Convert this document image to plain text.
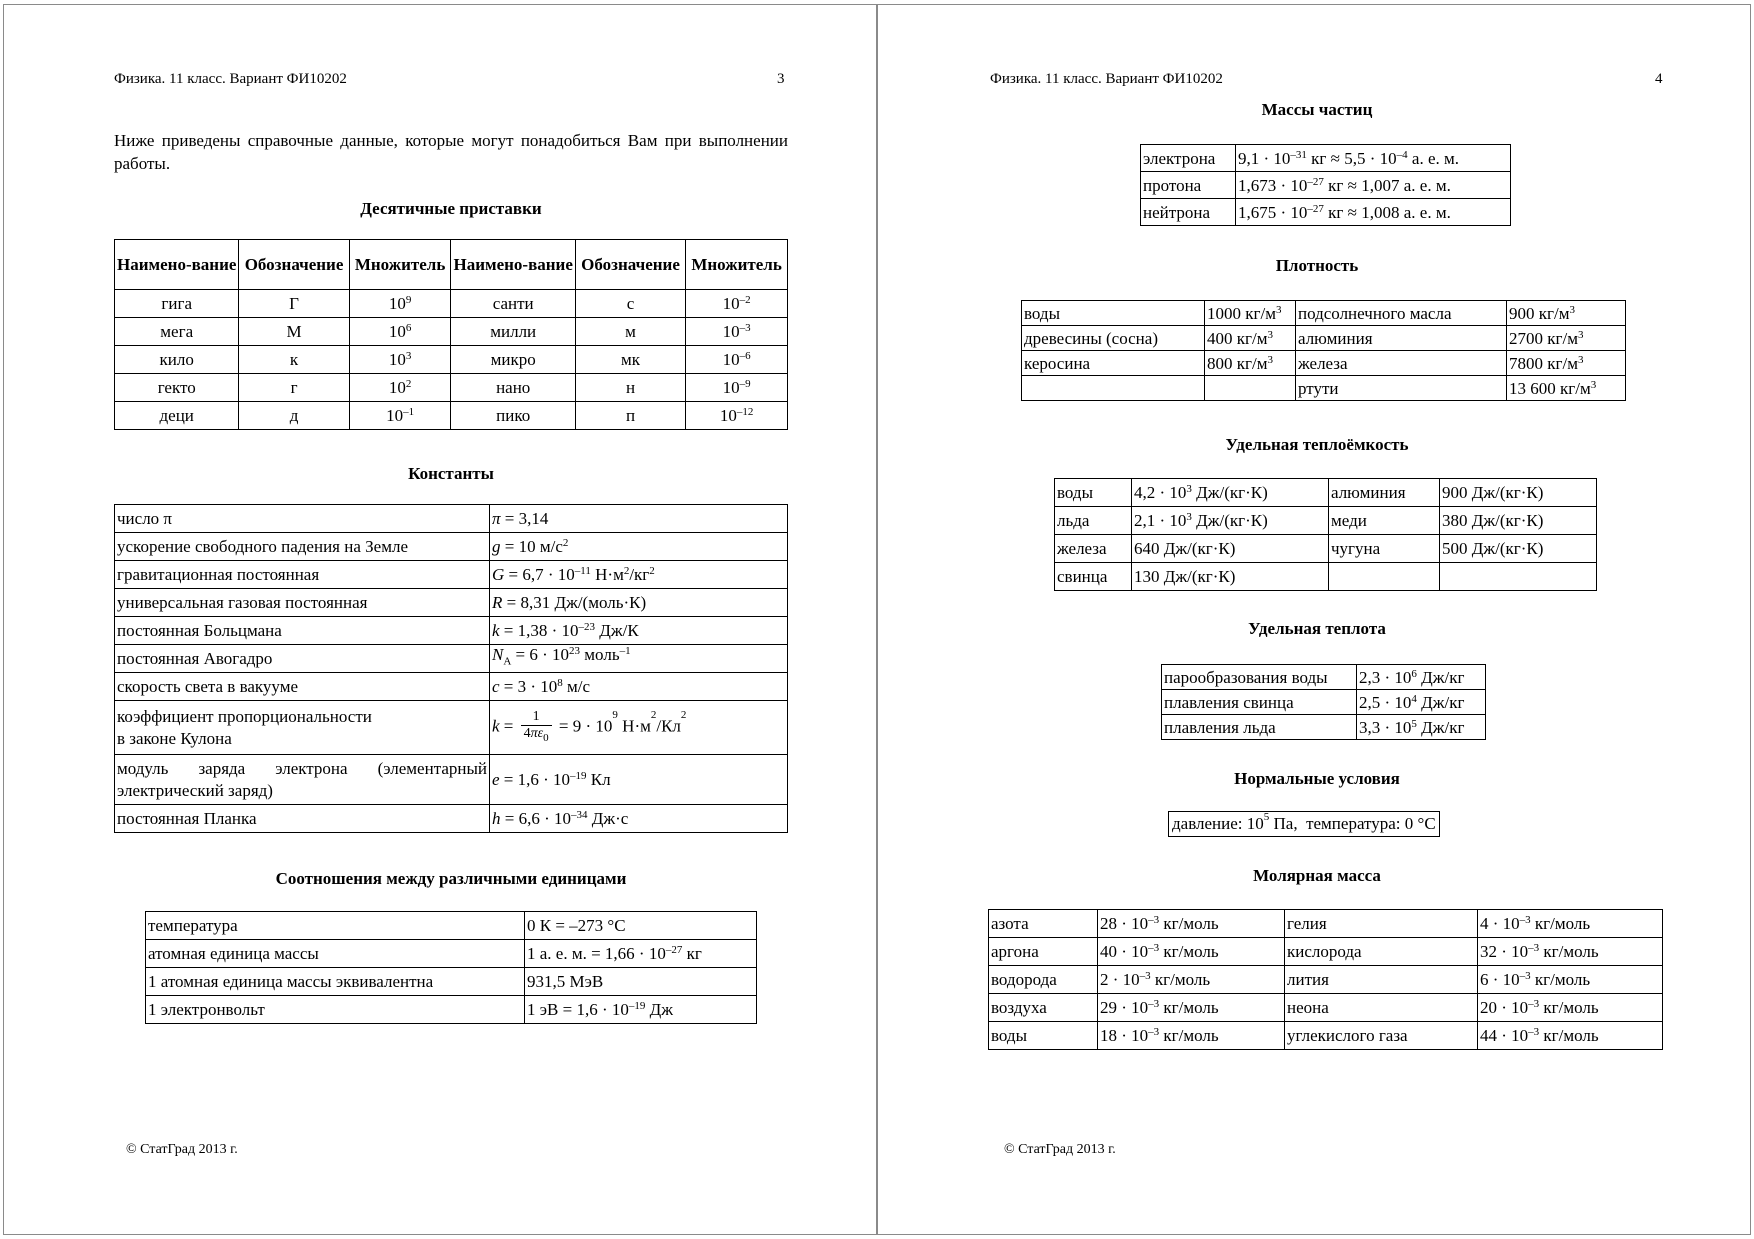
Физика. 11 класс. Вариант ФИ10202	3
Ниже приведены справочные данные, которые могут понадобиться Вам при выполнении работы.
Десятичные приставки
Наимено-вание	Обозначение	Множитель	Наимено-вание	Обозначение	Множитель
гига	Г	$10^9$	санти	с	$10^{-2}$
мега	М	$10^6$	милли	м	$10^{-3}$
кило	к	$10^3$	микро	мк	$10^{-6}$
гекто	г	$10^2$	нано	н	$10^{-9}$
деци	д	$10^{-1}$	пико	п	$10^{-12}$
Константы
число π	π = 3,14
ускорение свободного падения на Земле	g = 10 $м/с^2$
гравитационная постоянная	$G = 6,7 \cdot 10^{-11}$ $Н\cdot м^2/кг^2$
универсальная газовая постоянная	R = 8,31 Дж/(моль·К)
постоянная Больцмана	$k = 1,38 \cdot 10^{-23}$ Дж/К
постоянная Авогадро	$N_A = 6 \cdot 10^{23}$ моль$^{-1}$
скорость света в вакууме	$c = 3 \cdot 10^8$ м/с
коэффициент пропорциональности
в законе Кулона	$k = \frac{1}{4\pi\varepsilon_0} = 9 \cdot 10^9$ $Н\cdot м^2/Кл^2$
модуль заряда электрона (элементарный электрический заряд)	$e = 1,6 \cdot 10^{-19}$ Кл
постоянная Планка	$h = 6,6 \cdot 10^{-34}$ Дж·с
Соотношения между различными единицами
температура	0 К = –273 °С
атомная единица массы	1 а. е. м. = $1,66 \cdot 10^{-27}$ кг
1 атомная единица массы эквивалентна	931,5 МэВ
1 электронвольт	1 эВ = $1,6 \cdot 10^{-19}$ Дж
© СтатГрад 2013 г.
Физика. 11 класс. Вариант ФИ10202	4
Массы частиц
электрона	$9,1 \cdot 10^{-31}$ кг ≈ $5,5 \cdot 10^{-4}$ а. е. м.
протона	$1,673 \cdot 10^{-27}$ кг ≈ 1,007 а. е. м.
нейтрона	$1,675 \cdot 10^{-27}$ кг ≈ 1,008 а. е. м.
Плотность
воды	1000 $кг/м^3$	подсолнечного масла	900 $кг/м^3$
древесины (сосна)	400 $кг/м^3$	алюминия	2700 $кг/м^3$
керосина	800 $кг/м^3$	железа	7800 $кг/м^3$
		ртути	13 600 $кг/м^3$
Удельная теплоёмкость
воды	$4,2 \cdot 10^3$ Дж/(кг·К)	алюминия	900 Дж/(кг·К)
льда	$2,1 \cdot 10^3$ Дж/(кг·К)	меди	380 Дж/(кг·К)
железа	640 Дж/(кг·К)	чугуна	500 Дж/(кг·К)
свинца	130 Дж/(кг·К)		
Удельная теплота
парообразования воды	$2,3 \cdot 10^6$ Дж/кг
плавления свинца	$2,5 \cdot 10^4$ Дж/кг
плавления льда	$3,3 \cdot 10^5$ Дж/кг
Нормальные условия
давление: $10^5$ Па,  температура: 0 °С
Молярная масса
азота	$28 \cdot 10^{-3}$ кг/моль	гелия	$4 \cdot 10^{-3}$ кг/моль
аргона	$40 \cdot 10^{-3}$ кг/моль	кислорода	$32 \cdot 10^{-3}$ кг/моль
водорода	$2 \cdot 10^{-3}$ кг/моль	лития	$6 \cdot 10^{-3}$ кг/моль
воздуха	$29 \cdot 10^{-3}$ кг/моль	неона	$20 \cdot 10^{-3}$ кг/моль
воды	$18 \cdot 10^{-3}$ кг/моль	углекислого газа	$44 \cdot 10^{-3}$ кг/моль
© СтатГрад 2013 г.
